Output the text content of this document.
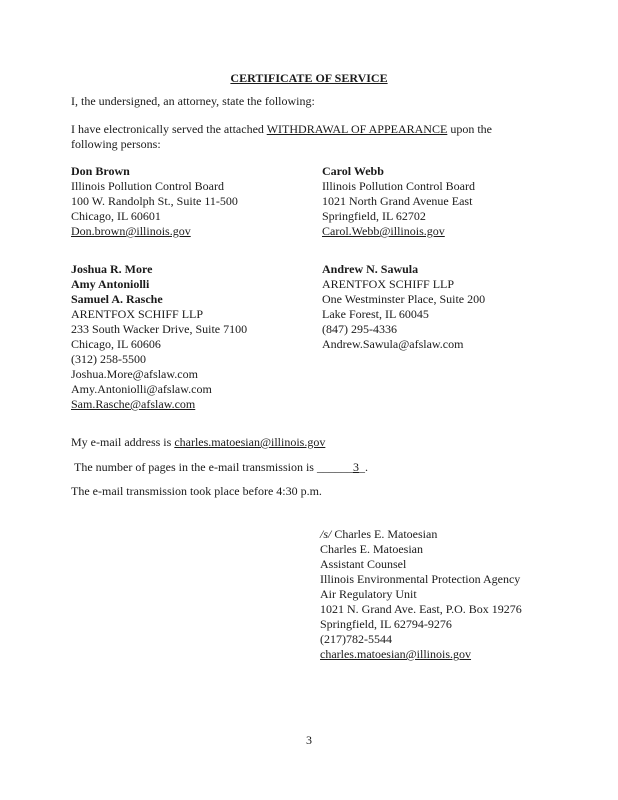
CERTIFICATE OF SERVICE
I, the undersigned, an attorney, state the following:
I have electronically served the attached WITHDRAWAL OF APPEARANCE upon the
following persons:
Don Brown
Illinois Pollution Control Board
100 W. Randolph St., Suite 11-500
Chicago, IL 60601
Don.brown@illinois.gov
Carol Webb
Illinois Pollution Control Board
1021 North Grand Avenue East
Springfield, IL 62702
Carol.Webb@illinois.gov
Joshua R. More
Amy Antoniolli
Samuel A. Rasche
ARENTFOX SCHIFF LLP
233 South Wacker Drive, Suite 7100
Chicago, IL 60606
(312) 258-5500
Joshua.More@afslaw.com
Amy.Antoniolli@afslaw.com
Sam.Rasche@afslaw.com
Andrew N. Sawula
ARENTFOX SCHIFF LLP
One Westminster Place, Suite 200
Lake Forest, IL 60045
(847) 295-4336
Andrew.Sawula@afslaw.com
My e-mail address is charles.matoesian@illinois.gov
The number of pages in the e-mail transmission is ______3_.
The e-mail transmission took place before 4:30 p.m.
/s/ Charles E. Matoesian
Charles E. Matoesian
Assistant Counsel
Illinois Environmental Protection Agency
Air Regulatory Unit
1021 N. Grand Ave. East, P.O. Box 19276
Springfield, IL 62794-9276
(217)782-5544
charles.matoesian@illinois.gov
3
